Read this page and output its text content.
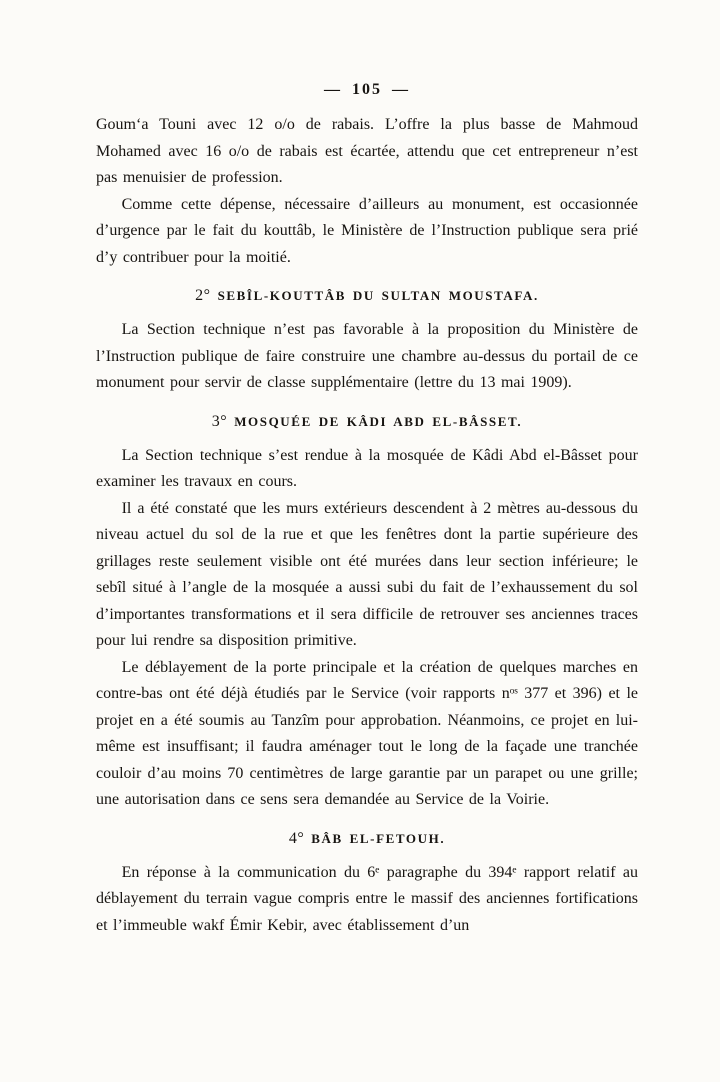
— 105 —

Goum‘a Touni avec 12 o/o de rabais. L’offre la plus basse de Mahmoud Mohamed avec 16 o/o de rabais est écartée, attendu que cet entrepreneur n’est pas menuisier de profession.

Comme cette dépense, nécessaire d’ailleurs au monument, est occasionnée d’urgence par le fait du kouttâb, le Ministère de l’Instruction publique sera prié d’y contribuer pour la moitié.

2° SEBÎL-KOUTTÂB DU SULTAN MOUSTAFA.

La Section technique n’est pas favorable à la proposition du Ministère de l’Instruction publique de faire construire une chambre au-dessus du portail de ce monument pour servir de classe supplémentaire (lettre du 13 mai 1909).

3° MOSQUÉE DE KÂDI ABD EL-BÂSSET.

La Section technique s’est rendue à la mosquée de Kâdi Abd el-Bâsset pour examiner les travaux en cours.

Il a été constaté que les murs extérieurs descendent à 2 mètres au-dessous du niveau actuel du sol de la rue et que les fenêtres dont la partie supérieure des grillages reste seulement visible ont été murées dans leur section inférieure; le sebîl situé à l’angle de la mosquée a aussi subi du fait de l’exhaussement du sol d’importantes transformations et il sera difficile de retrouver ses anciennes traces pour lui rendre sa disposition primitive.

Le déblayement de la porte principale et la création de quelques marches en contre-bas ont été déjà étudiés par le Service (voir rapports nᵒˢ 377 et 396) et le projet en a été soumis au Tanzîm pour approbation. Néanmoins, ce projet en lui-même est insuffisant; il faudra aménager tout le long de la façade une tranchée couloir d’au moins 70 centimètres de large garantie par un parapet ou une grille; une autorisation dans ce sens sera demandée au Service de la Voirie.

4° BÂB EL-FETOUH.

En réponse à la communication du 6ᵉ paragraphe du 394ᵉ rapport relatif au déblayement du terrain vague compris entre le massif des anciennes fortifications et l’immeuble wakf Émir Kebir, avec établissement d’un
